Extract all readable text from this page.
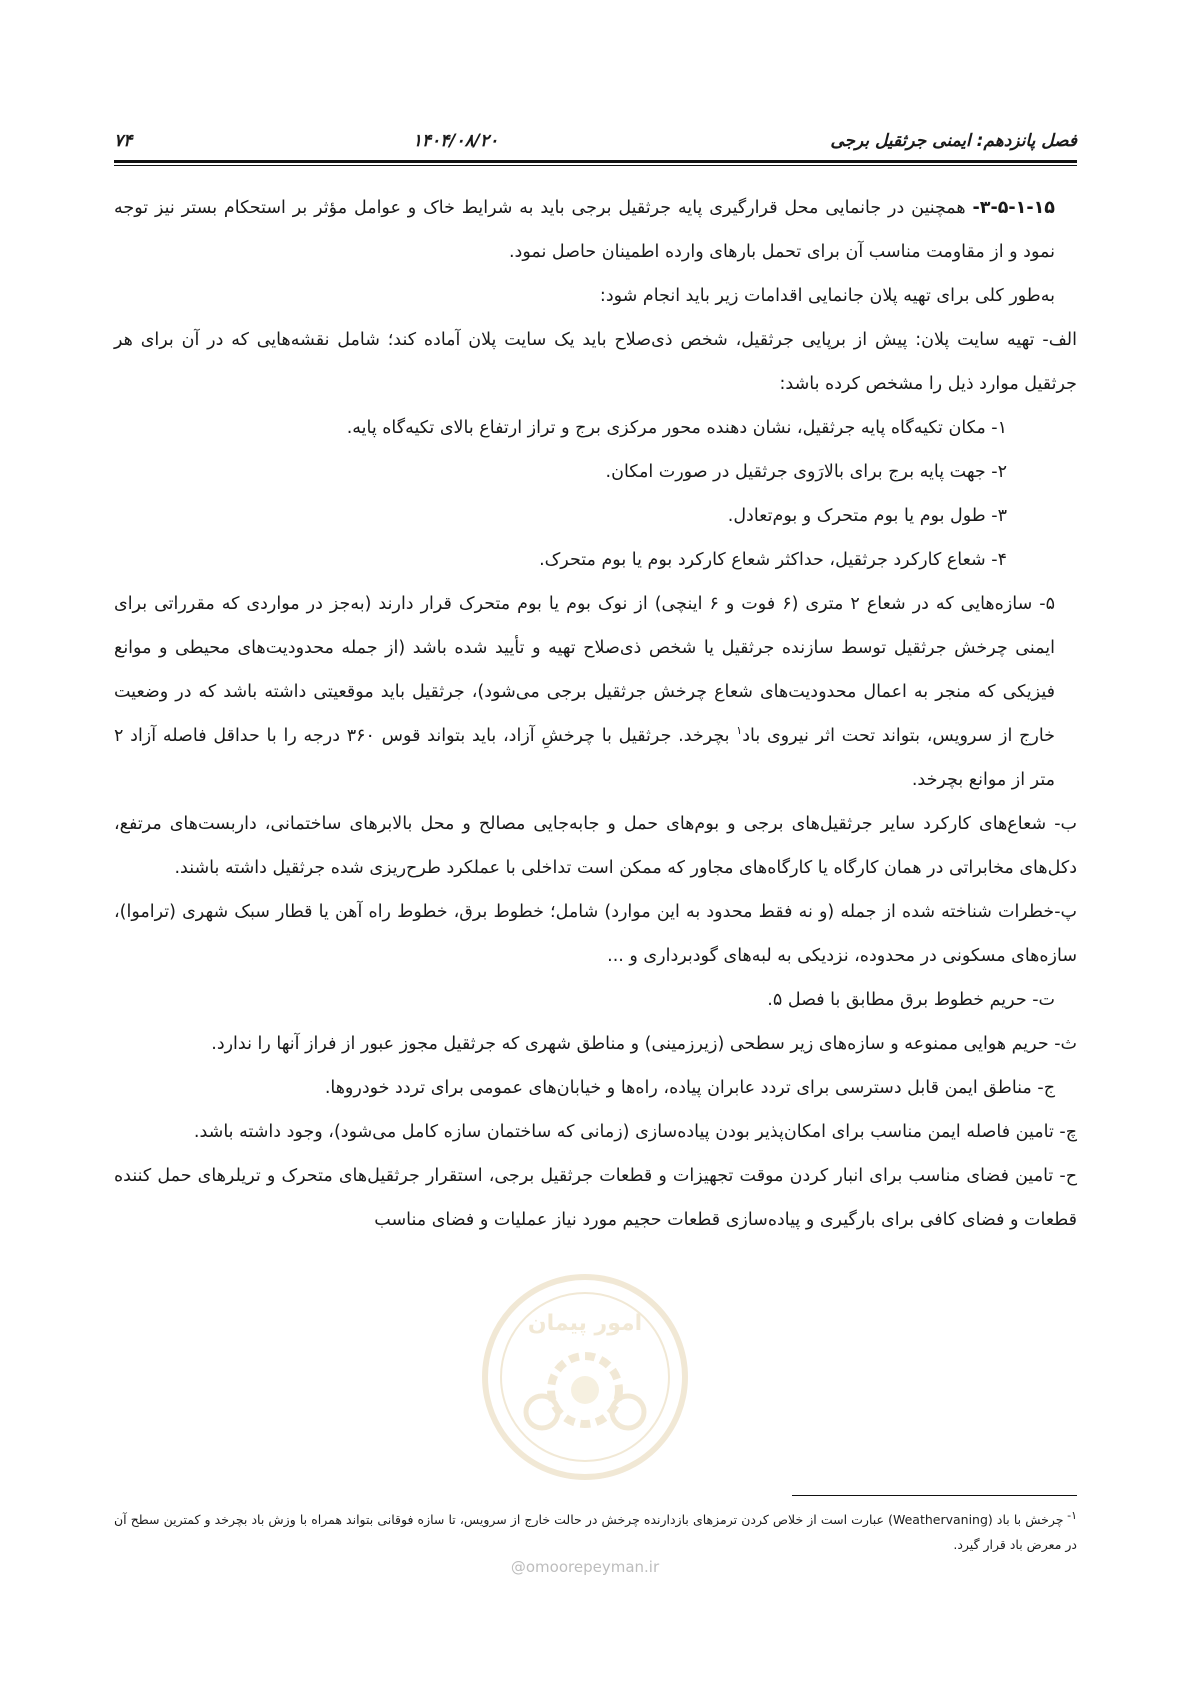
فصل پانزدهم: ایمنی جرثقیل برجی
۱۴۰۴/۰۸/۲۰
۷۴

۳-۵-۱-۱۵- همچنین در جانمایی محل قرارگیری پایه جرثقیل برجی باید به شرایط خاک و عوامل مؤثر بر استحکام بستر نیز توجه نمود و از مقاومت مناسب آن برای تحمل بارهای وارده اطمینان حاصل نمود.

به‌طور کلی برای تهیه پلان جانمایی اقدامات زیر باید انجام شود:

الف- تهیه سایت پلان: پیش از برپایی جرثقیل، شخص ذی‌صلاح باید یک سایت پلان آماده کند؛ شامل نقشه‌هایی که در آن برای هر جرثقیل موارد ذیل را مشخص کرده باشد:

۱- مکان تکیه‌گاه پایه جرثقیل، نشان دهنده محور مرکزی برج و تراز ارتفاع بالای تکیه‌گاه پایه.

۲- جهت پایه برج برای بالارَوی جرثقیل در صورت امکان.

۳- طول بوم یا بوم متحرک و بوم‌تعادل.

۴- شعاع کارکرد جرثقیل، حداکثر شعاع کارکرد بوم یا بوم متحرک.

۵- سازه‌هایی که در شعاع ۲ متری (۶ فوت و ۶ اینچی) از نوک بوم یا بوم متحرک قرار دارند (به‌جز در مواردی که مقرراتی برای ایمنی چرخش جرثقیل توسط سازنده جرثقیل یا شخص ذی‌صلاح تهیه و تأیید شده باشد (از جمله محدودیت‌های محیطی و موانع فیزیکی که منجر به اعمال محدودیت‌های شعاع چرخش جرثقیل برجی می‌شود)، جرثقیل باید موقعیتی داشته باشد که در وضعیت خارج از سرویس، بتواند تحت اثر نیروی باد$^۱$ بچرخد. جرثقیل با چرخشِ آزاد، باید بتواند قوس ۳۶۰ درجه را با حداقل فاصله آزاد ۲ متر از موانع بچرخد.

ب- شعاع‌های کارکرد سایر جرثقیل‌های برجی و بوم‌های حمل و جابه‌جایی مصالح و محل بالابرهای ساختمانی، داربست‌های مرتفع، دکل‌های مخابراتی در همان کارگاه یا کارگاه‌های مجاور که ممکن است تداخلی با عملکرد طرح‌ریزی شده جرثقیل داشته باشند.

پ-خطرات شناخته شده از جمله (و نه فقط محدود به این موارد) شامل؛ خطوط برق، خطوط راه آهن یا قطار سبک شهری (تراموا)، سازه‌های مسکونی در محدوده، نزدیکی به لبه‌های گودبرداری و ...

ت- حریم خطوط برق مطابق با فصل ۵.

ث- حریم هوایی ممنوعه و سازه‌های زیر سطحی (زیرزمینی) و مناطق شهری که جرثقیل مجوز عبور از فراز آنها را ندارد.

ج- مناطق ایمن قابل دسترسی برای تردد عابران پیاده، راه‌ها و خیابان‌های عمومی برای تردد خودروها.

چ- تامین فاصله ایمن مناسب برای امکان‌پذیر بودن پیاده‌سازی (زمانی که ساختمان سازه کامل می‌شود)، وجود داشته باشد.

ح- تامین فضای مناسب برای انبار کردن موقت تجهیزات و قطعات جرثقیل برجی، استقرار جرثقیل‌های متحرک و تریلرهای حمل کننده قطعات و فضای کافی برای بارگیری و پیاده‌سازی قطعات حجیم مورد نیاز عملیات و فضای مناسب

امور پیمان
@omoorepeyman.ir
$^{۱-}$ چرخش با باد (Weathervaning) عبارت است از خلاص کردن ترمزهای بازدارنده چرخش در حالت خارج از سرویس، تا سازه فوقانی بتواند همراه با وزش باد بچرخد و کمترین سطح آن در معرض باد قرار گیرد.
